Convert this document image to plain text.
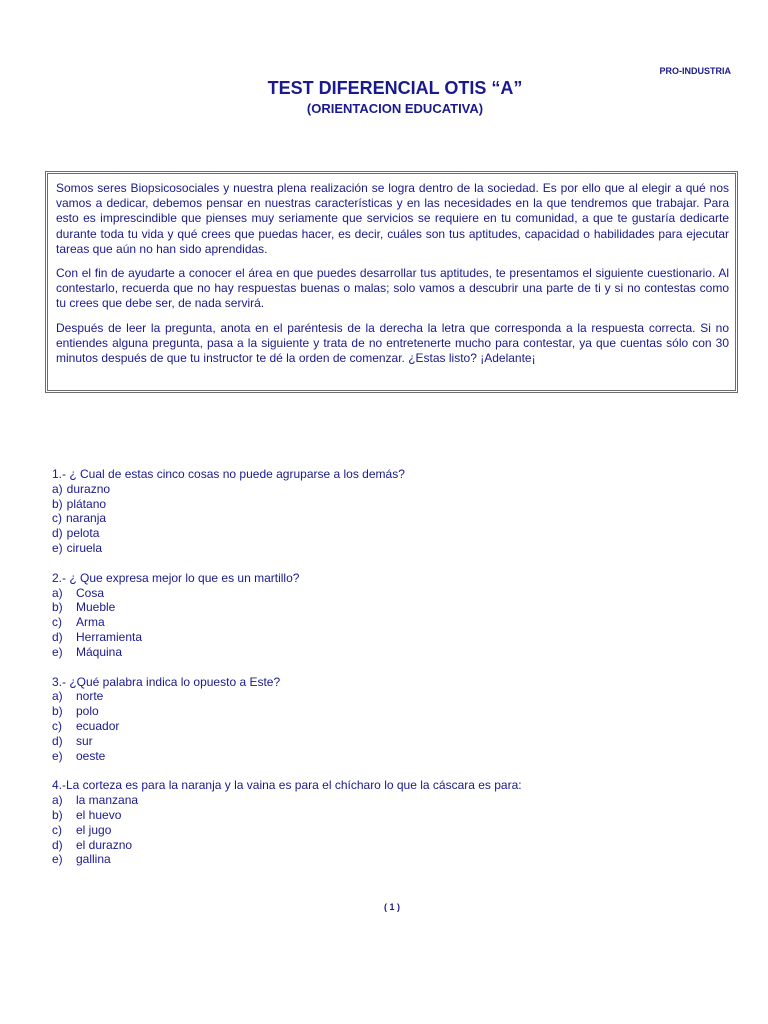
PRO-INDUSTRIA
TEST DIFERENCIAL OTIS “A”
(ORIENTACION EDUCATIVA)

Somos seres Biopsicosociales y nuestra plena realización se logra dentro de la sociedad. Es por ello que al elegir a qué nos vamos a dedicar, debemos pensar en nuestras características y en las necesidades en la que tendremos que trabajar. Para esto es imprescindible que pienses muy seriamente que servicios se requiere en tu comunidad, a que te gustaría dedicarte durante toda tu vida y qué crees que puedas hacer, es decir, cuáles son tus aptitudes, capacidad o habilidades para ejecutar tareas que aún no han sido aprendidas.

Con el fin de ayudarte a conocer el área en que puedes desarrollar tus aptitudes, te presentamos el siguiente cuestionario. Al contestarlo, recuerda que no hay respuestas buenas o malas; solo vamos a descubrir una parte de ti y si no contestas como tu crees que debe ser, de nada servirá.

Después de leer la pregunta, anota en el paréntesis de la derecha la letra que corresponda a la respuesta correcta. Si no entiendes alguna pregunta, pasa a la siguiente y trata de no entretenerte mucho para contestar, ya que cuentas sólo con 30 minutos después de que tu instructor te dé la orden de comenzar. ¿Estas listo? ¡Adelante¡

1.- ¿ Cual de estas cinco cosas no puede agruparse a los demás?
a) durazno
b) plátano
c) naranja
d) pelota
e) ciruela
2.- ¿ Que expresa mejor lo que es un martillo?
a) Cosa
b) Mueble
c) Arma
d) Herramienta
e) Máquina
3.- ¿Qué palabra indica lo opuesto a Este?
a) norte
b) polo
c) ecuador
d) sur
e) oeste
4.-La corteza es para la naranja y la vaina es para el chícharo lo que la cáscara es para:
a) la manzana
b) el huevo
c) el jugo
d) el durazno
e) gallina
( 1 )
